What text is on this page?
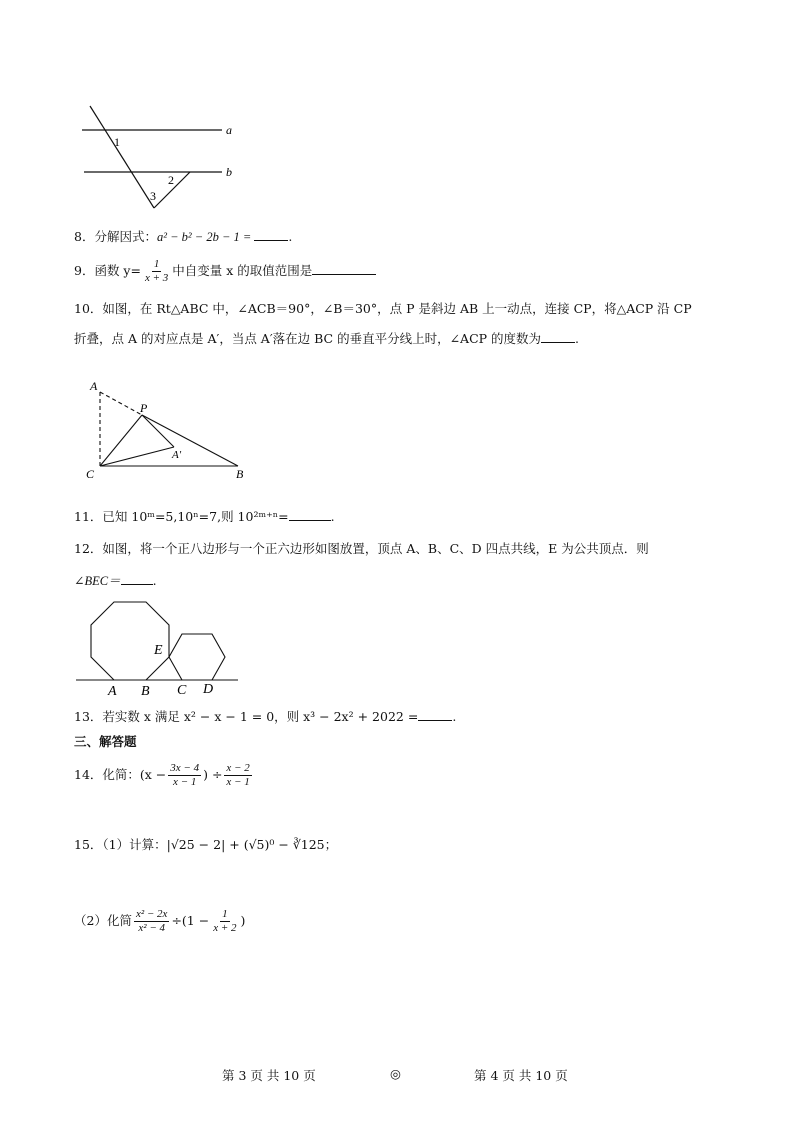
a
b
1
2
3
8．分解因式：a² − b² − 2b − 1 =	.
9．函数 $y= \frac{1}{x + 3}$ 中自变量 x 的取值范围是
10．如图，在 Rt△ABC 中，∠ACB＝90°，∠B＝30°，点 P 是斜边 AB 上一动点，连接 CP，将△ACP 沿 CP
折叠，点 A 的对应点是 A′，当点 A′落在边 BC 的垂直平分线上时，∠ACP 的度数为	.
A
P
A′
C	B
11．已知 10ᵐ=5,10ⁿ=7,则 10²ᵐ⁺ⁿ=	.
12．如图，将一个正八边形与一个正六边形如图放置，顶点 A、B、C、D 四点共线，E 为公共顶点．则
∠BEC＝	.
A B C D
E
13．若实数 x 满足 x² − x − 1 = 0，则 x³ − 2x² + 2022 =	.
三、解答题
14．化简：($x - \frac{3x - 4}{x - 1}$ ) ÷ $\frac{x - 2}{x - 1}$
15．（1）计算：|√25 − 2| + (√5)⁰ − ∛125；
（2）化简 $\frac{\text{x² − 2x}}{\text{x² − 4}} \div(1 - \frac{1}{x + 2}$ )
第 3 页 共 10 页	◎	第 4 页 共 10 页
